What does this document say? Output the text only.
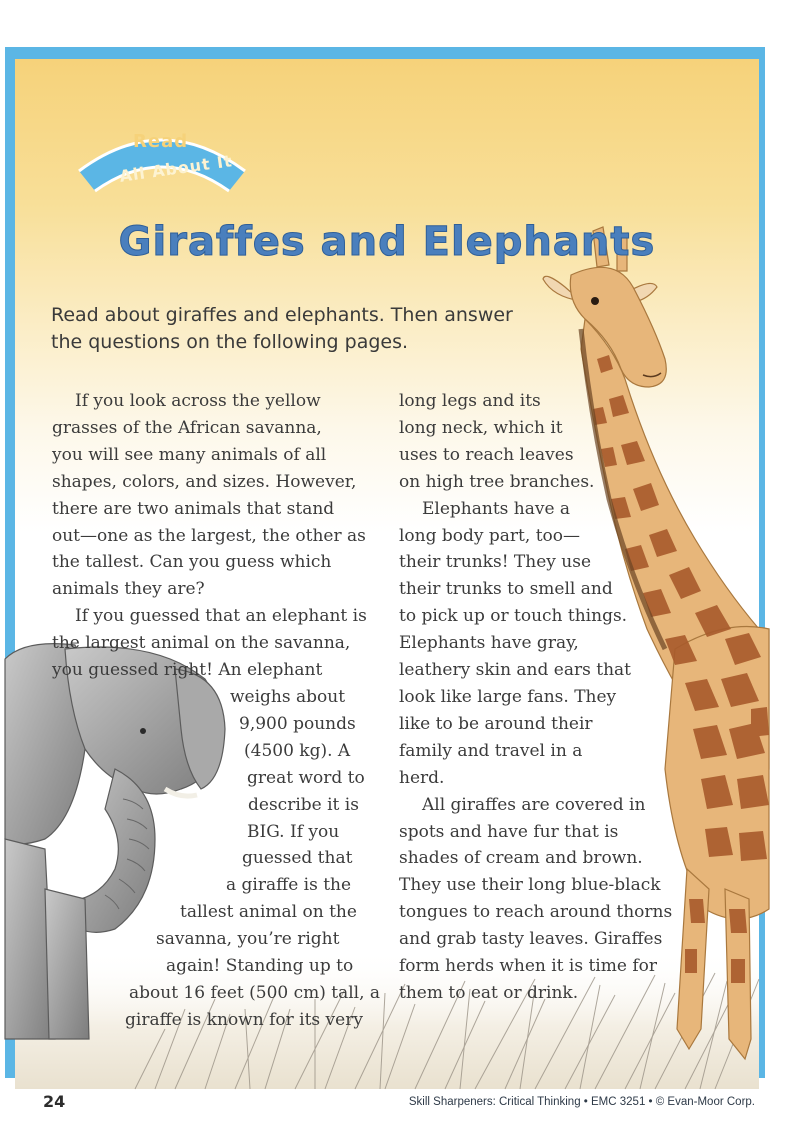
Read
All About It
Giraffes and Elephants
Read about giraffes and elephants. Then answer the questions on the following pages.

If you look across the yellow
grasses of the African savanna,
you will see many animals of all
shapes, colors, and sizes. However,
there are two animals that stand
out—one as the largest, the other as
the tallest. Can you guess which
animals they are?

If you guessed that an elephant is
the largest animal on the savanna,
you guessed right! An elephant
weighs about
9,900 pounds
(4500 kg). A
great word to
describe it is
BIG. If you
guessed that
a giraffe is the
tallest animal on the
savanna, you’re right
again! Standing up to
about 16 feet (500 cm) tall, a
giraffe is known for its very

long legs and its
long neck, which it
uses to reach leaves
on high tree branches.

Elephants have a
long body part, too—
their trunks! They use
their trunks to smell and
to pick up or touch things.
Elephants have gray,
leathery skin and ears that
look like large fans. They
like to be around their
family and travel in a
herd.

All giraffes are covered in
spots and have fur that is
shades of cream and brown.
They use their long blue-black
tongues to reach around thorns
and grab tasty leaves. Giraffes
form herds when it is time for
them to eat or drink.

24 Animals	Skill Sharpeners: Critical Thinking • EMC 3251 • © Evan-Moor Corp.
